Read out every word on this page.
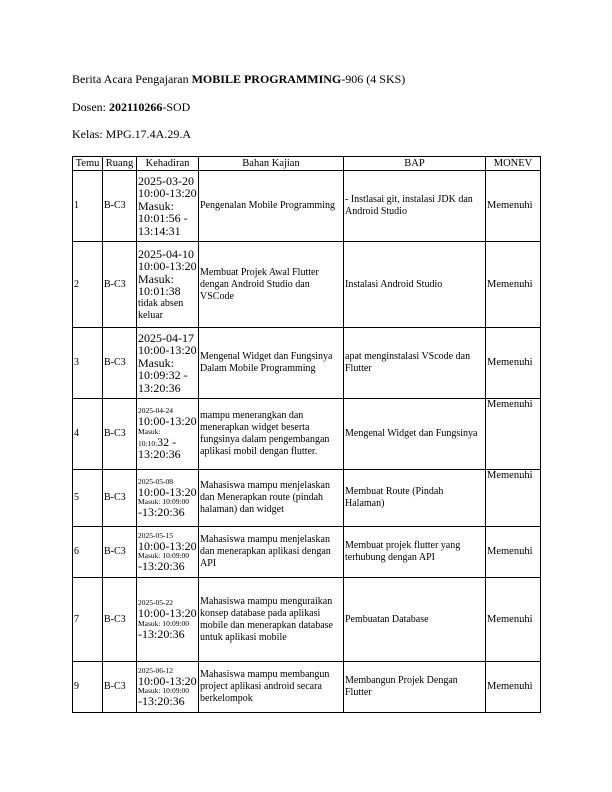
Berita Acara Pengajaran MOBILE PROGRAMMING-906 (4 SKS)
Dosen: 202110266-SOD
Kelas: MPG.17.4A.29.A
Temu	Ruang	Kehadiran	Bahan Kajian	BAP	MONEV
1	B-C3	2025-03-20
10:00-13:20
Masuk:
10:01:56 -
13:14:31	Pengenalan Mobile Programming	- Instlasai git, instalasi JDK dan Android Studio	Memenuhi
2	B-C3	2025-04-10
10:00-13:20
Masuk:
10:01:38
tidak absen keluar	Membuat Projek Awal Flutter dengan Android Studio dan VSCode	Instalasi Android Studio	Memenuhi
3	B-C3	2025-04-17
10:00-13:20
Masuk:
10:09:32 -
13:20:36	Mengenal Widget dan Fungsinya Dalam Mobile Programming	apat menginstalasi VScode dan Flutter	Memenuhi
4	B-C3	2025-04-24
10:00-13:20
Masuk:
10:10:32 -
13:20:36	mampu menerangkan dan menerapkan widget beserta fungsinya dalam pengembangan aplikasi mobil dengan flutter.	Mengenal Widget dan Fungsinya	Memenuhi
5	B-C3	2025-05-08
10:00-13:20
Masuk: 10:09:00
-13:20:36	Mahasiswa mampu menjelaskan dan Menerapkan route (pindah halaman) dan widget	Membuat Route (Pindah Halaman)	Memenuhi
6	B-C3	2025-05-15
10:00-13:20
Masuk: 10:09:00
-13:20:36	Mahasiswa mampu menjelaskan dan menerapkan aplikasi dengan API	Membuat projek flutter yang terhubung dengan API	Memenuhi
7	B-C3	2025-05-22
10:00-13:20
Masuk: 10:09:00
-13:20:36	Mahasiswa mampu menguraikan konsep database pada aplikasi mobile dan menerapkan database untuk aplikasi mobile	Pembuatan Database	Memenuhi
9	B-C3	2025-06-12
10:00-13:20
Masuk: 10:09:00
-13:20:36	Mahasiswa mampu membangun project aplikasi android secara berkelompok	Membangun Projek Dengan Flutter	Memenuhi
